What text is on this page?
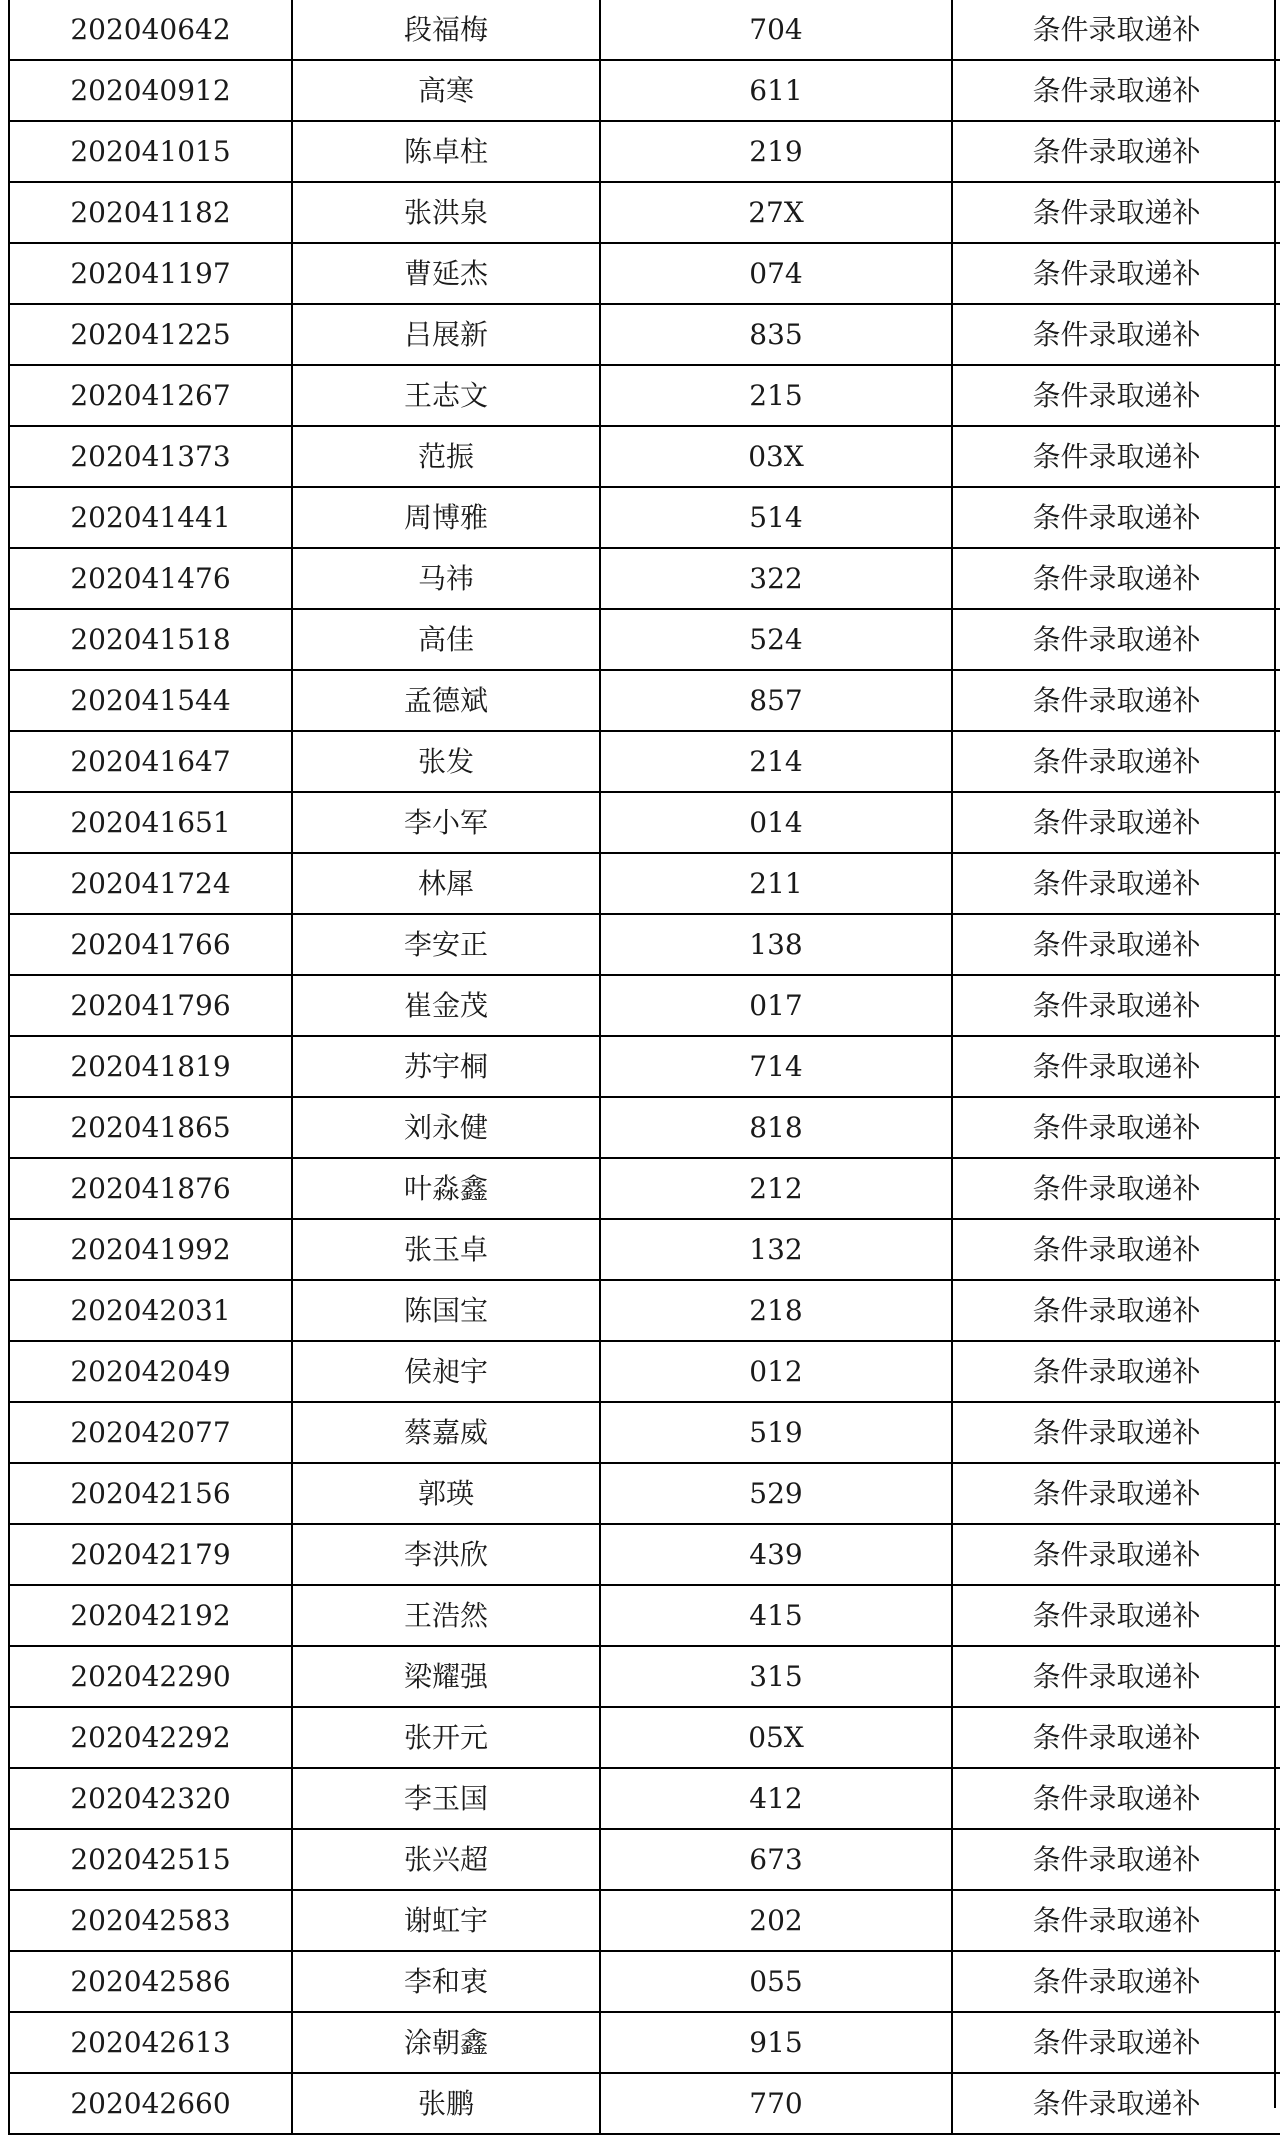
202040642	段福梅	704	条件录取递补
202040912	高寒	611	条件录取递补
202041015	陈卓柱	219	条件录取递补
202041182	张洪泉	27X	条件录取递补
202041197	曹延杰	074	条件录取递补
202041225	吕展新	835	条件录取递补
202041267	王志文	215	条件录取递补
202041373	范振	03X	条件录取递补
202041441	周博雅	514	条件录取递补
202041476	马祎	322	条件录取递补
202041518	高佳	524	条件录取递补
202041544	孟德斌	857	条件录取递补
202041647	张发	214	条件录取递补
202041651	李小军	014	条件录取递补
202041724	林犀	211	条件录取递补
202041766	李安正	138	条件录取递补
202041796	崔金茂	017	条件录取递补
202041819	苏宇桐	714	条件录取递补
202041865	刘永健	818	条件录取递补
202041876	叶淼鑫	212	条件录取递补
202041992	张玉卓	132	条件录取递补
202042031	陈国宝	218	条件录取递补
202042049	侯昶宇	012	条件录取递补
202042077	蔡嘉威	519	条件录取递补
202042156	郭瑛	529	条件录取递补
202042179	李洪欣	439	条件录取递补
202042192	王浩然	415	条件录取递补
202042290	梁耀强	315	条件录取递补
202042292	张开元	05X	条件录取递补
202042320	李玉国	412	条件录取递补
202042515	张兴超	673	条件录取递补
202042583	谢虹宇	202	条件录取递补
202042586	李和衷	055	条件录取递补
202042613	涂朝鑫	915	条件录取递补
202042660	张鹏	770	条件录取递补
